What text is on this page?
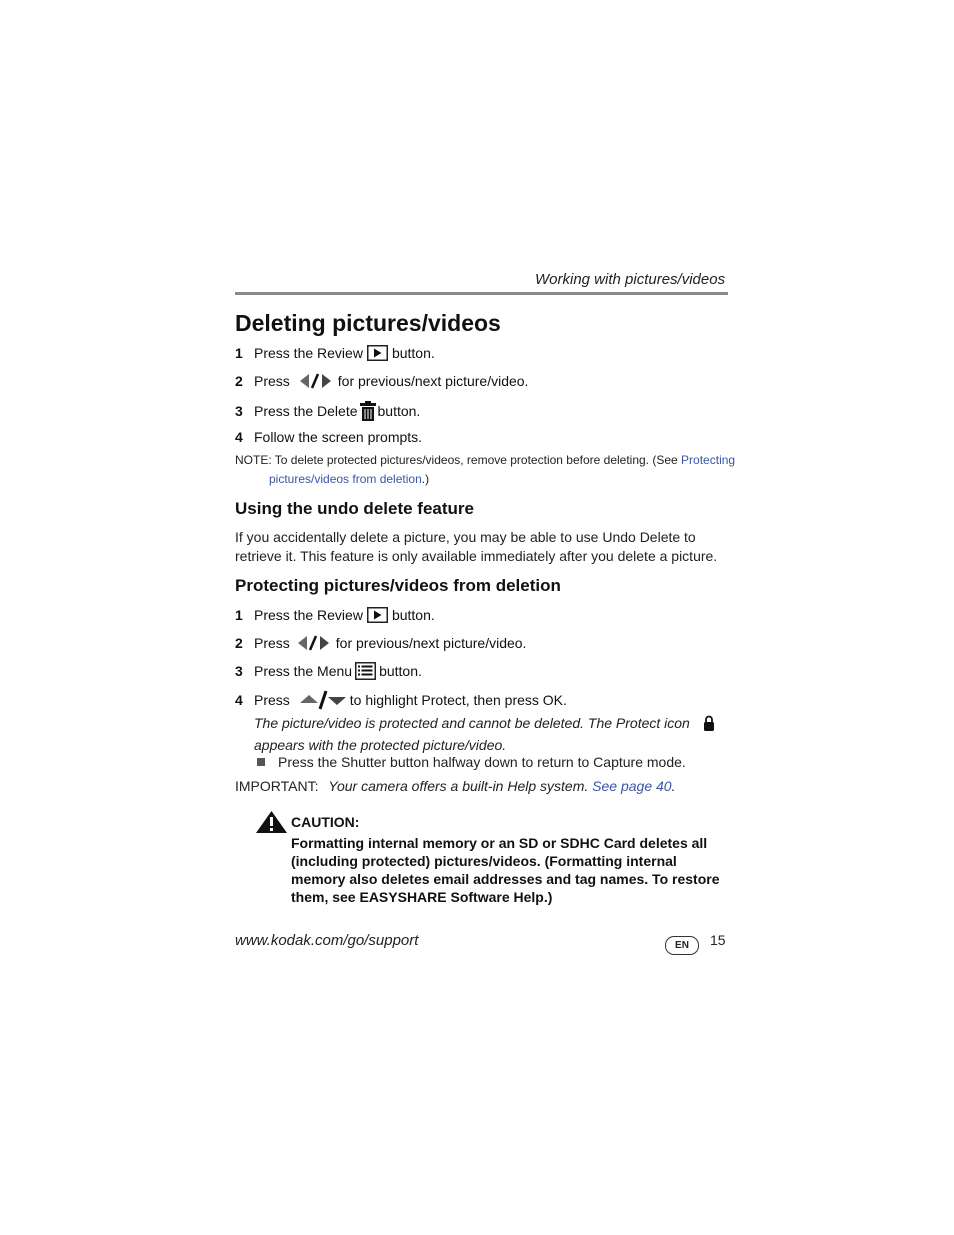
Working with pictures/videos
Deleting pictures/videos
1 Press the Review button.
2 Press	for previous/next picture/video.
3 Press the Delete button.
4 Follow the screen prompts.
NOTE: To delete protected pictures/videos, remove protection before deleting. (See Protecting
pictures/videos from deletion.)
Using the undo delete feature
If you accidentally delete a picture, you may be able to use Undo Delete to retrieve it. This feature is only available immediately after you delete a picture.
Protecting pictures/videos from deletion
1 Press the Review button.
2 Press	for previous/next picture/video.
3 Press the Menu button.
4 Press	to highlight Protect, then press OK.
The picture/video is protected and cannot be deleted. The Protect icon  appears with the protected picture/video.
Press the Shutter button halfway down to return to Capture mode.
IMPORTANT: Your camera offers a built-in Help system. See page 40.
CAUTION:
Formatting internal memory or an SD or SDHC Card deletes all (including protected) pictures/videos. (Formatting internal memory also deletes email addresses and tag names. To restore them, see EASYSHARE Software Help.)
www.kodak.com/go/support	EN	15
